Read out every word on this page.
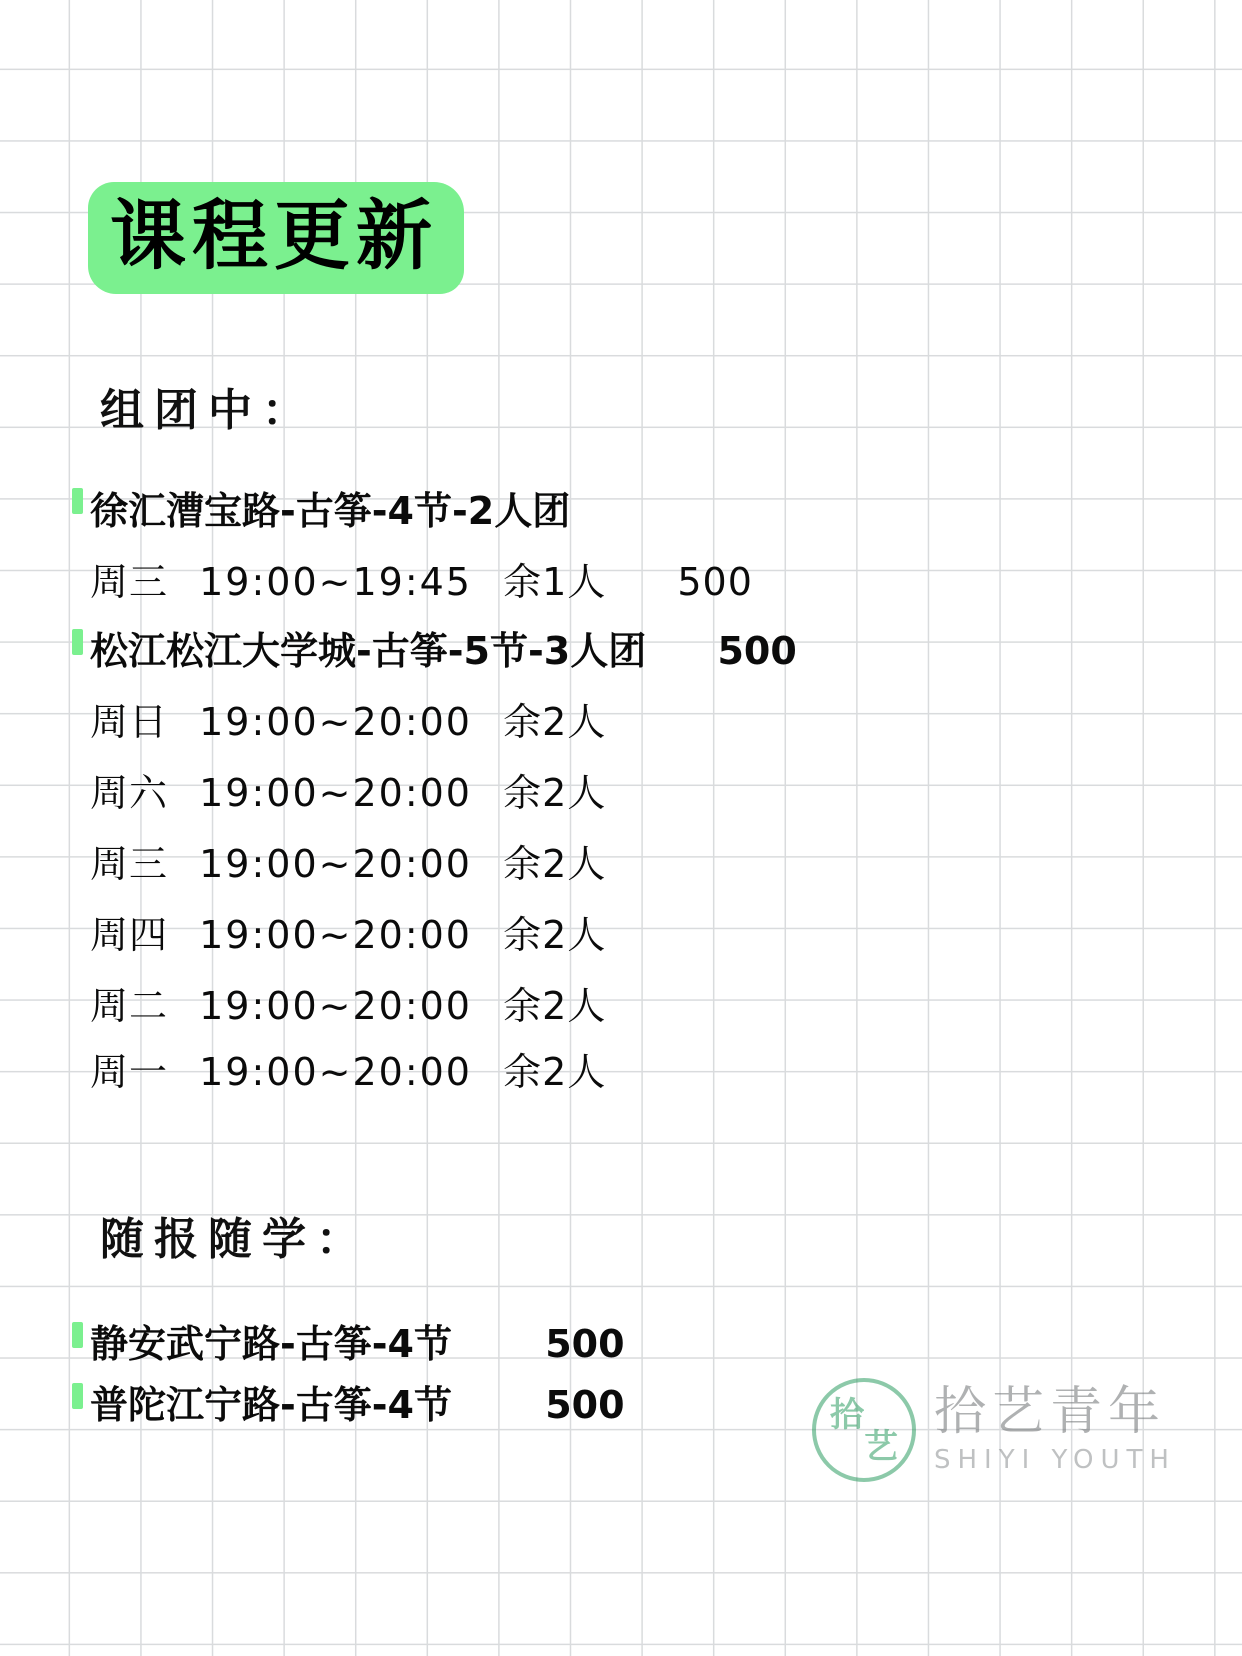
课程更新
组团中：
徐汇漕宝路-古筝-4节-2人团
周三 19:00~19:45 余1人 500
松江松江大学城-古筝-5节-3人团 500
周日 19:00~20:00 余2人
周六 19:00~20:00 余2人
周三 19:00~20:00 余2人
周四 19:00~20:00 余2人
周二 19:00~20:00 余2人
周一 19:00~20:00 余2人
随报随学：
静安武宁路-古筝-4节 500
普陀江宁路-古筝-4节 500	拾
艺
拾艺青年
SHIYI YOUTH
